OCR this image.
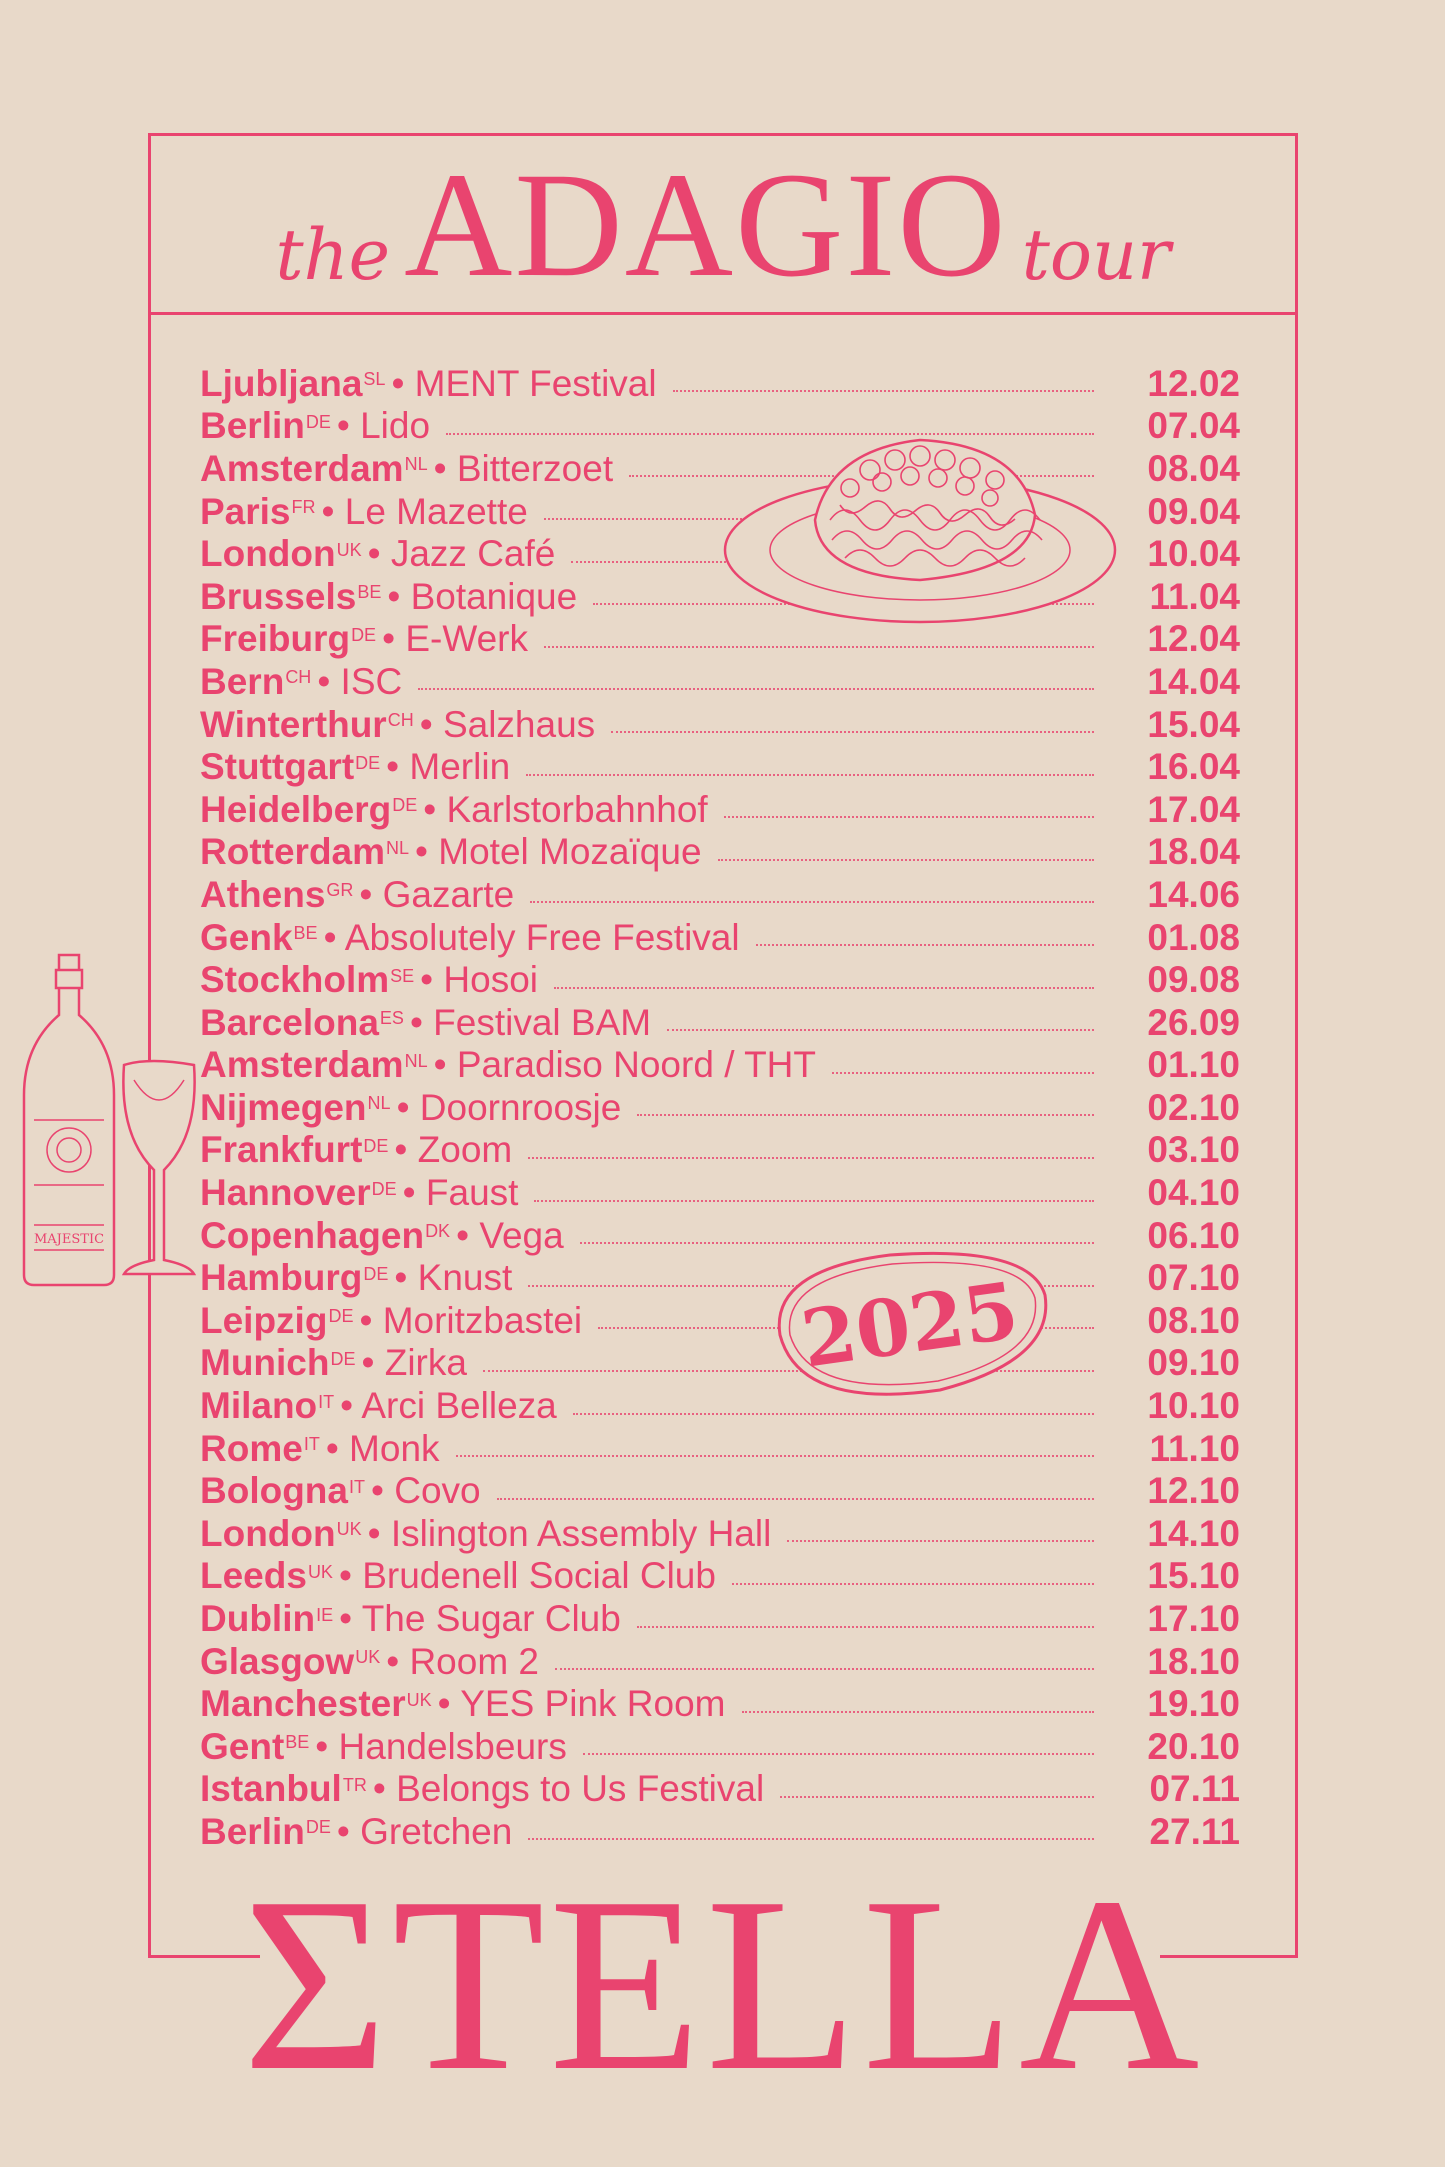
the ADAGIO tour
Ljubljana SL • MENT Festival	12.02
Berlin DE • Lido	07.04
Amsterdam NL • Bitterzoet	08.04
Paris FR • Le Mazette	09.04
London UK • Jazz Café	10.04
Brussels BE • Botanique	11.04
Freiburg DE • E-Werk	12.04
Bern CH • ISC	14.04
Winterthur CH • Salzhaus	15.04
Stuttgart DE • Merlin	16.04
Heidelberg DE • Karlstorbahnhof	17.04
Rotterdam NL • Motel Mozaïque	18.04
Athens GR • Gazarte	14.06
Genk BE • Absolutely Free Festival	01.08
Stockholm SE • Hosoi	09.08
Barcelona ES • Festival BAM	26.09
Amsterdam NL • Paradiso Noord / THT	01.10
Nijmegen NL • Doornroosje	02.10
Frankfurt DE • Zoom	03.10
Hannover DE • Faust	04.10
Copenhagen DK • Vega	06.10
Hamburg DE • Knust	07.10
Leipzig DE • Moritzbastei	08.10
Munich DE • Zirka	09.10
Milano IT • Arci Belleza	10.10
Rome IT • Monk	11.10
Bologna IT • Covo	12.10
London UK • Islington Assembly Hall	14.10
Leeds UK • Brudenell Social Club	15.10
Dublin IE • The Sugar Club	17.10
Glasgow UK • Room 2	18.10
Manchester UK • YES Pink Room	19.10
Gent BE • Handelsbeurs	20.10
Istanbul TR • Belongs to Us Festival	07.11
Berlin DE • Gretchen	27.11
MAJESTIC
2025
ΣTELLA
